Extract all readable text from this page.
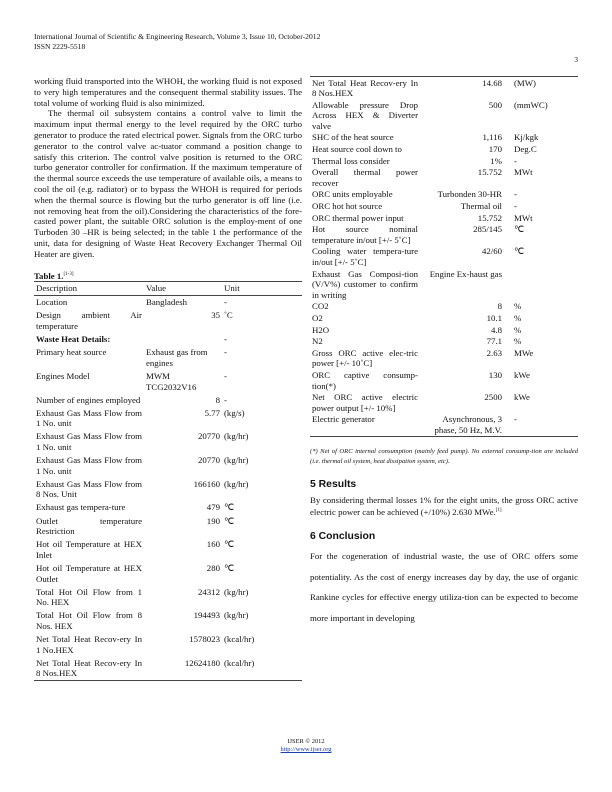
International Journal of Scientific & Engineering Research, Volume 3, Issue 10, October-2012
ISSN 2229-5518
3

working fluid transported into the WHOH, the working fluid is not exposed to very high temperatures and the consequent thermal stability issues. The total volume of working fluid is also minimized.

The thermal oil subsystem contains a control valve to limit the maximum input thermal energy to the level required by the ORC turbo generator to produce the rated electrical power. Signals from the ORC turbo generator to the control valve ac-tuator command a position change to satisfy this criterion. The control valve position is returned to the ORC turbo generator controller for confirmation. If the maximum temperature of the thermal source exceeds the use temperature of available oils, a means to cool the oil (e.g. radiator) or to bypass the WHOH is required for periods when the thermal source is flowing but the turbo generator is off line (i.e. not removing heat from the oil).Considering the characteristics of the fore-casted power plant, the suitable ORC solution is the employ-ment of one Turboden 30 –HR is being selected; in the table 1 the performance of the unit, data for designing of Waste Heat Recovery Exchanger Thermal Oil Heater are given.

Table 1.[1-3]
Description	Value	Unit
Location	Bangladesh	-
Design ambient Air temperature	35	˚C
Waste Heat Details:		-
Primary heat source	Exhaust gas from engines	-
Engines Model	MWM TCG2032V16	-
Number of engines employed	8	-
Exhaust Gas Mass Flow from 1 No. unit	5.77	(kg/s)
Exhaust Gas Mass Flow from 1 No. unit	20770	(kg/hr)
Exhaust Gas Mass Flow from 1 No. unit	20770	(kg/hr)
Exhaust Gas Mass Flow from 8 Nos. Unit	166160	(kg/hr)
Exhaust gas tempera-ture	479	℃
Outlet temperature Restriction	190	℃
Hot oil Temperature at HEX Inlet	160	℃
Hot oil Temperature at HEX Outlet	280	℃
Total Hot Oil Flow from 1 No. HEX	24312	(kg/hr)
Total Hot Oil Flow from 8 Nos. HEX	194493	(kg/hr)
Net Total Heat Recov-ery In 1 No.HEX	1578023	(kcal/hr)
Net Total Heat Recov-ery In 8 Nos.HEX	12624180	(kcal/hr)
Net Total Heat Recov-ery In 8 Nos.HEX	14.68	(MW)
Allowable pressure Drop Across HEX & Diverter valve	500	(mmWC)
SHC of the heat source	1,116	Kj/kgk
Heat source cool down to	170	Deg.C
Thermal loss consider	1%	-
Overall thermal power recover	15.752	MWt
ORC units employable	Turbonden 30-HR	-
ORC hot hot source	Thermal oil	-
ORC thermal power input	15.752	MWt
Hot source nominal temperature in/out [+/- 5˚C]	285/145	℃
Cooling water tempera-ture in/out [+/- 5˚C]	42/60	℃
Exhaust Gas Composi-tion (V/V%) customer to confirm in writing	Engine Ex-haust gas	
CO2	8	%
O2	10.1	%
H2O	4.8	%
N2	77.1	%
Gross ORC active elec-tric power [+/- 10˚C]	2.63	MWe
ORC captive consump-tion(*)	130	kWe
Net ORC active electric power output [+/- 10%]	2500	kWe
Electric generator	Asynchronous, 3 phase, 50 Hz, M.V.	-
(*) Net of ORC internal consumption (mainly feed pump). No external consump-tion are included (i.e. thermal oil system, heat dissipation system, etc).
5 Results

By considering thermal losses 1% for the eight units, the gross ORC active electric power can be achieved (+/10%) 2.630 MWe.[1]

6 Conclusion

For the cogeneration of industrial waste, the use of ORC offers some potentiality. As the cost of energy increases day by day, the use of organic Rankine cycles for effective energy utiliza-tion can be expected to become more important in developing

IJSER © 2012
http://www.ijser.org
